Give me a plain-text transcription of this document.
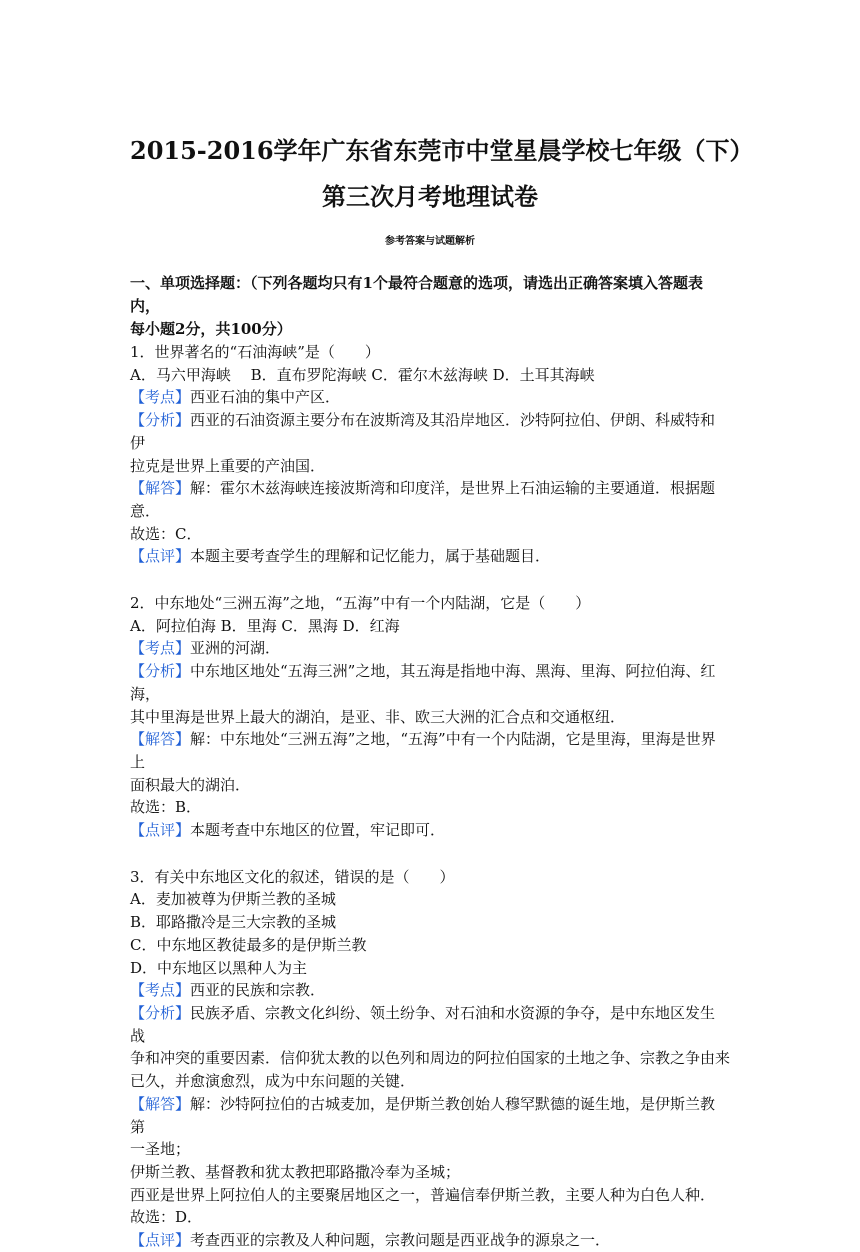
2015-2016学年广东省东莞市中堂星晨学校七年级（下）
第三次月考地理试卷
参考答案与试题解析
一、单项选择题：（下列各题均只有1个最符合题意的选项，请选出正确答案填入答题表内，
每小题2分，共100分）

1．世界著名的“石油海峡”是（　　）

A．马六甲海峡　 B．直布罗陀海峡 C．霍尔木兹海峡 D．土耳其海峡

【考点】西亚石油的集中产区．

【分析】西亚的石油资源主要分布在波斯湾及其沿岸地区．沙特阿拉伯、伊朗、科威特和伊

拉克是世界上重要的产油国．

【解答】解：霍尔木兹海峡连接波斯湾和印度洋，是世界上石油运输的主要通道．根据题意．

故选：C．

【点评】本题主要考查学生的理解和记忆能力，属于基础题目．

2．中东地处“三洲五海”之地，“五海”中有一个内陆湖，它是（　　）

A．阿拉伯海 B．里海 C．黑海 D．红海

【考点】亚洲的河湖．

【分析】中东地区地处“五海三洲”之地，其五海是指地中海、黑海、里海、阿拉伯海、红海，

其中里海是世界上最大的湖泊，是亚、非、欧三大洲的汇合点和交通枢纽．

【解答】解：中东地处“三洲五海”之地，“五海”中有一个内陆湖，它是里海，里海是世界上

面积最大的湖泊．

故选：B．

【点评】本题考查中东地区的位置，牢记即可．

3．有关中东地区文化的叙述，错误的是（　　）

A．麦加被尊为伊斯兰教的圣城

B．耶路撒冷是三大宗教的圣城

C．中东地区教徒最多的是伊斯兰教

D．中东地区以黑种人为主

【考点】西亚的民族和宗教．

【分析】民族矛盾、宗教文化纠纷、领土纷争、对石油和水资源的争夺，是中东地区发生战

争和冲突的重要因素．信仰犹太教的以色列和周边的阿拉伯国家的土地之争、宗教之争由来

已久，并愈演愈烈，成为中东问题的关键．

【解答】解：沙特阿拉伯的古城麦加，是伊斯兰教创始人穆罕默德的诞生地，是伊斯兰教第

一圣地；

伊斯兰教、基督教和犹太教把耶路撒冷奉为圣城；

西亚是世界上阿拉伯人的主要聚居地区之一，普遍信奉伊斯兰教，主要人种为白色人种．

故选：D．

【点评】考查西亚的宗教及人种问题，宗教问题是西亚战争的源泉之一．
